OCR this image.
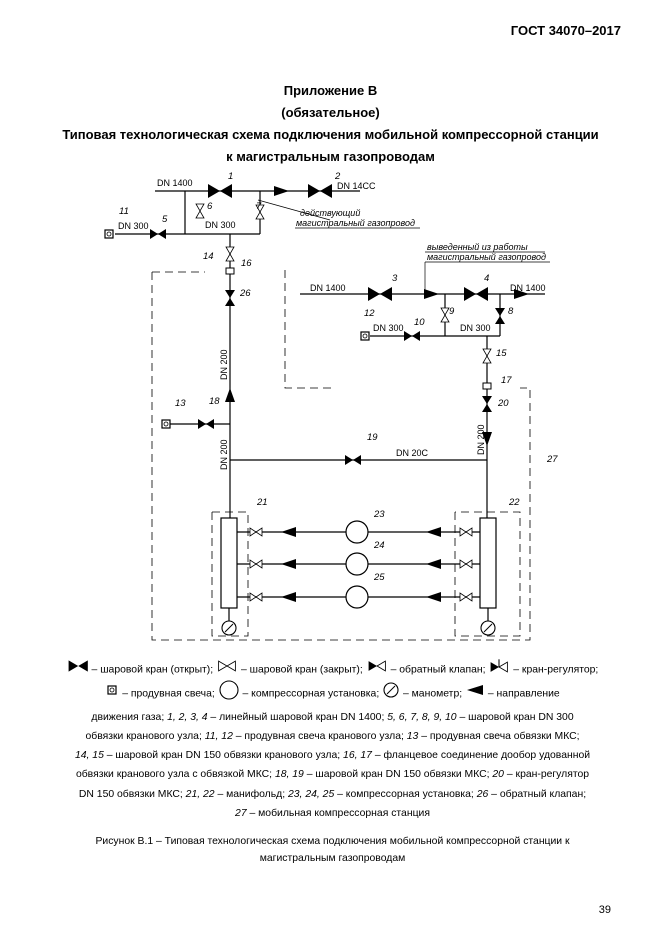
ГОСТ 34070–2017
Приложение В
(обязательное)
Типовая технологическая схема подключения мобильной компрессорной станции
к магистральным газопроводам
DN 1400	DN 14CC
DN 300	DN 300
действующий
магистральный газопровод
выведенный из работы
магистральный газопровод
DN 1400	DN 1400
DN 300	DN 300
DN 20C
DN 200
DN 200	DN 200
1	2
3	4
5
6	7
8
9
10
11
12
13
14
15
16
17
18
19
20
21	22
23
24
25
26
27
– шаровой кран (открыт);	– шаровой кран (закрыт);	– обратный клапан;	– кран-регулятор;
– продувная свеча;	– компрессорная установка; – манометр; – направление
движения газа; 1, 2, 3, 4 – линейный шаровой кран DN 1400; 5, 6, 7, 8, 9, 10 – шаровой кран DN 300
обвязки кранового узла; 11, 12 – продувная свеча кранового узла; 13 – продувная свеча обвязки МКС;
14, 15 – шаровой кран DN 150 обвязки кранового узла; 16, 17 – фланцевое соединение дообор удованной
обвязки кранового узла с обвязкой МКС; 18, 19 – шаровой кран DN 150 обвязки МКС; 20 – кран-регулятор
DN 150 обвязки МКС; 21, 22 – манифольд; 23, 24, 25 – компрессорная установка; 26 – обратный клапан;
27 – мобильная компрессорная станция
Рисунок В.1 – Типовая технологическая схема подключения мобильной компрессорной станции к
магистральным газопроводам
39
